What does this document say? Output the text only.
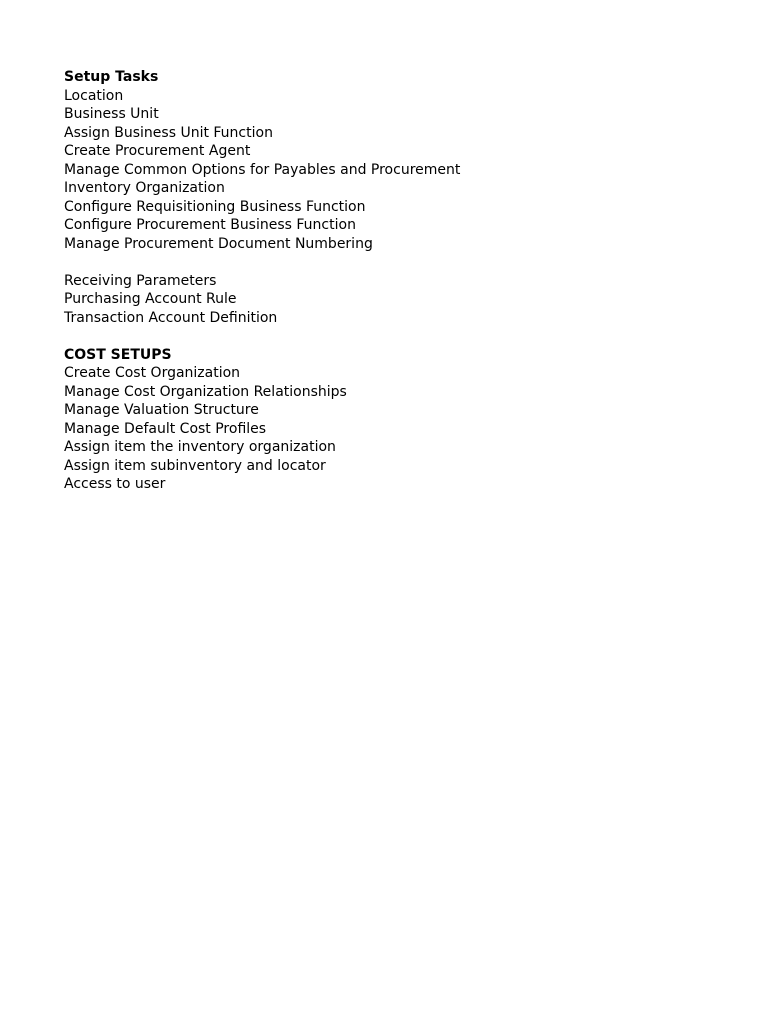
Setup Tasks
Location
Business Unit
Assign Business Unit Function
Create Procurement Agent
Manage Common Options for Payables and Procurement
Inventory Organization
Configure Requisitioning Business Function
Configure Procurement Business Function
Manage Procurement Document Numbering
Receiving Parameters
Purchasing Account Rule
Transaction Account Definition
COST SETUPS
Create Cost Organization
Manage Cost Organization Relationships
Manage Valuation Structure
Manage Default Cost Profiles
Assign item the inventory organization
Assign item subinventory and locator
Access to user
